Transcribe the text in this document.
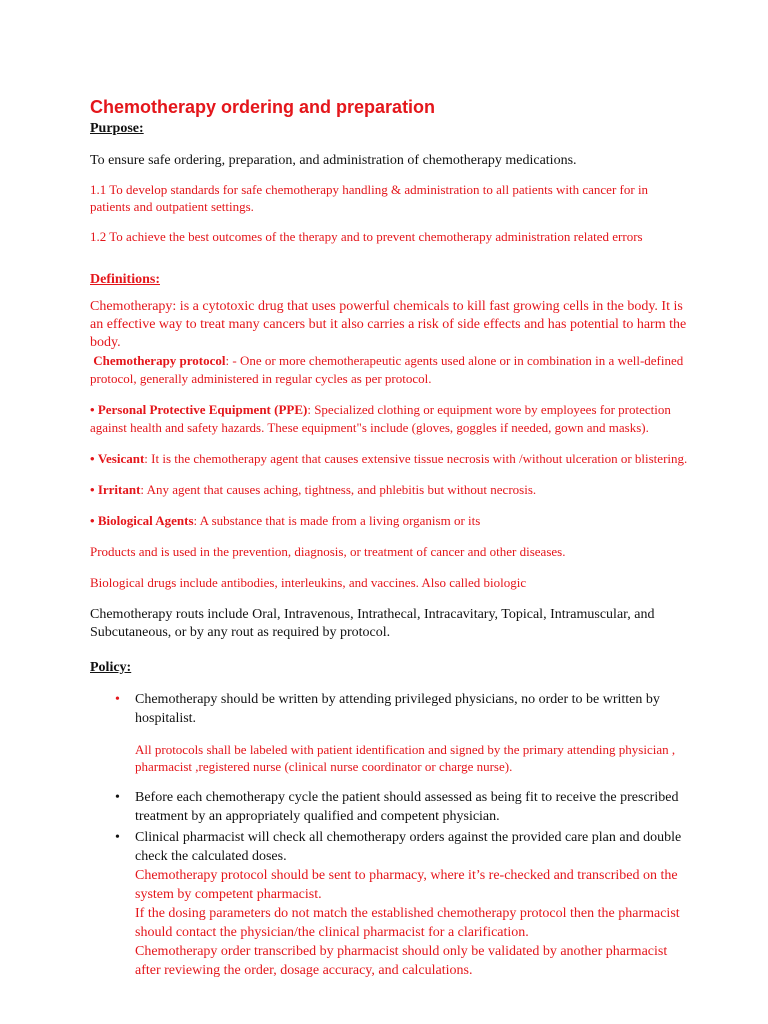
Chemotherapy ordering and preparation

Purpose:

To ensure safe ordering, preparation, and administration of chemotherapy medications.

1.1 To develop standards for safe chemotherapy handling & administration to all patients with cancer for in patients and outpatient settings.

1.2 To achieve the best outcomes of the therapy and to prevent chemotherapy administration related errors

Definitions:

Chemotherapy: is a cytotoxic drug that uses powerful chemicals to kill fast growing cells in the body. It is an effective way to treat many cancers but it also carries a risk of side effects and has potential to harm the body.

Chemotherapy protocol: - One or more chemotherapeutic agents used alone or in combination in a well-defined protocol, generally administered in regular cycles as per protocol.

• Personal Protective Equipment (PPE): Specialized clothing or equipment wore by employees for protection against health and safety hazards. These equipment"s include (gloves, goggles if needed, gown and masks).

• Vesicant: It is the chemotherapy agent that causes extensive tissue necrosis with /without ulceration or blistering.

• Irritant: Any agent that causes aching, tightness, and phlebitis but without necrosis.

• Biological Agents: A substance that is made from a living organism or its

Products and is used in the prevention, diagnosis, or treatment of cancer and other diseases.

Biological drugs include antibodies, interleukins, and vaccines. Also called biologic

Chemotherapy routs include Oral, Intravenous, Intrathecal, Intracavitary, Topical, Intramuscular, and Subcutaneous, or by any rout as required by protocol.

Policy:

• Chemotherapy should be written by attending privileged physicians, no order to be written by hospitalist.

All protocols shall be labeled with patient identification and signed by the primary attending physician , pharmacist ,registered nurse (clinical nurse coordinator or charge nurse).

• Before each chemotherapy cycle the patient should assessed as being fit to receive the prescribed treatment by an appropriately qualified and competent physician.

• Clinical pharmacist will check all chemotherapy orders against the provided care plan and double check the calculated doses.

Chemotherapy protocol should be sent to pharmacy, where it’s re-checked and transcribed on the system by competent pharmacist.

If the dosing parameters do not match the established chemotherapy protocol then the pharmacist should contact the physician/the clinical pharmacist for a clarification.

Chemotherapy order transcribed by pharmacist should only be validated by another pharmacist after reviewing the order, dosage accuracy, and calculations.
